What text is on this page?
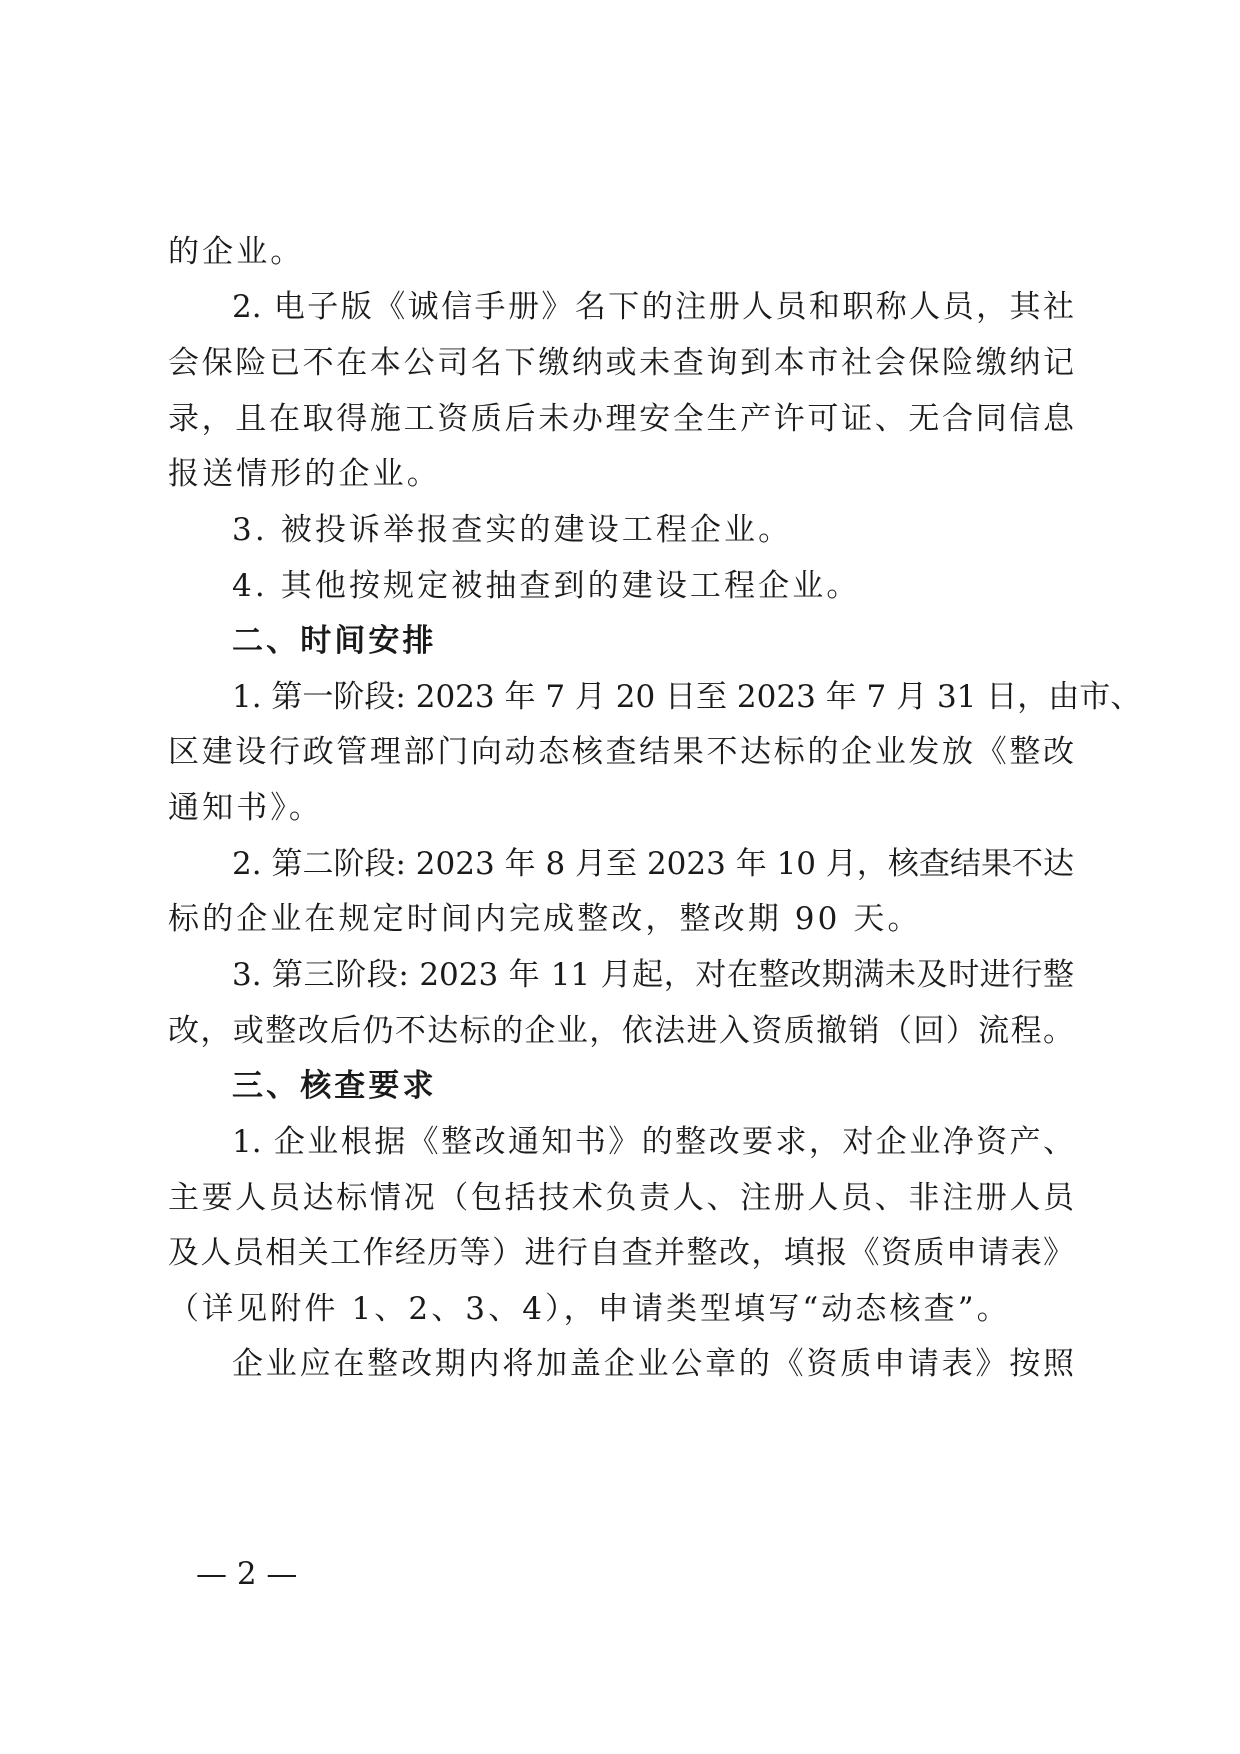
的企业。
2. 电子版《诚信手册》名下的注册人员和职称人员，其社
会保险已不在本公司名下缴纳或未查询到本市社会保险缴纳记
录，且在取得施工资质后未办理安全生产许可证、无合同信息
报送情形的企业。
3. 被投诉举报查实的建设工程企业。
4. 其他按规定被抽查到的建设工程企业。
二、时间安排
1. 第一阶段: 2023 年 7 月 20 日至 2023 年 7 月 31 日，由市、
区建设行政管理部门向动态核查结果不达标的企业发放《整改
通知书》。
2. 第二阶段: 2023 年 8 月至 2023 年 10 月，核查结果不达
标的企业在规定时间内完成整改，整改期 90 天。
3. 第三阶段: 2023 年 11 月起，对在整改期满未及时进行整
改，或整改后仍不达标的企业，依法进入资质撤销（回）流程。
三、核查要求
1. 企业根据《整改通知书》的整改要求，对企业净资产、
主要人员达标情况（包括技术负责人、注册人员、非注册人员
及人员相关工作经历等）进行自查并整改，填报《资质申请表》
（详见附件 1、2、3、4），申请类型填写“动态核查”。
企业应在整改期内将加盖企业公章的《资质申请表》按照
— 2 —
